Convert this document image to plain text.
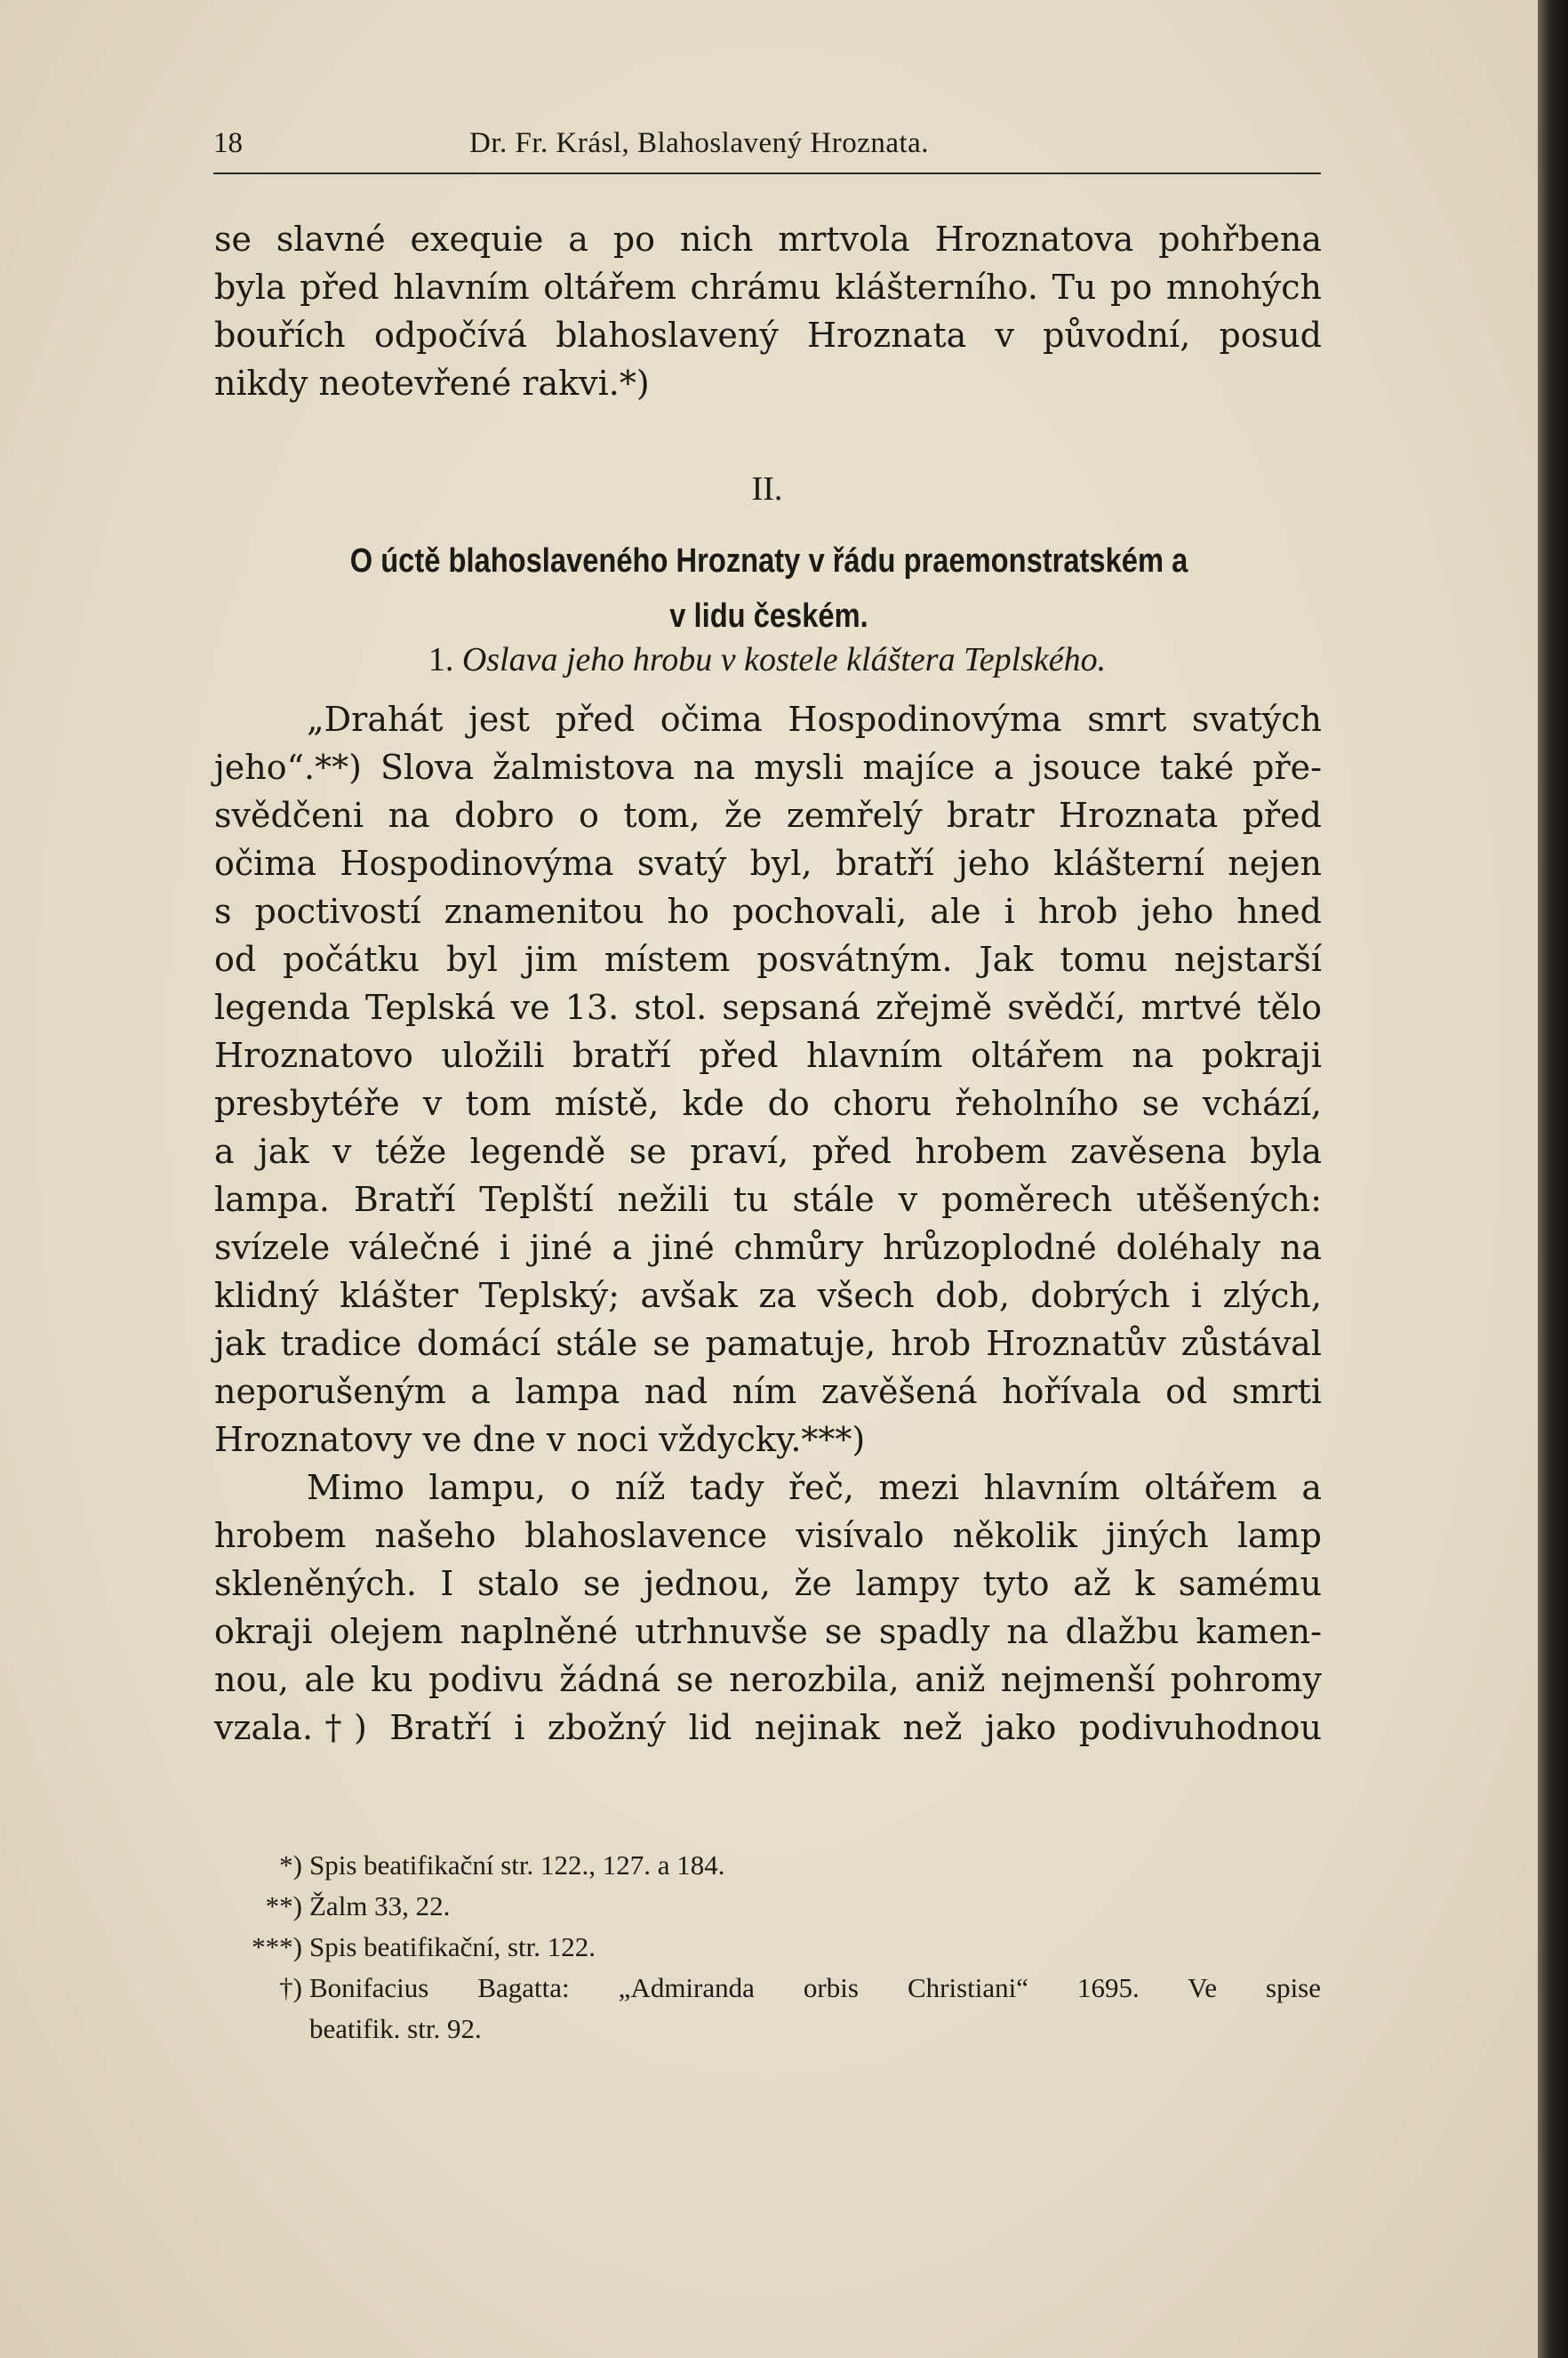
18	Dr. Fr. Krásl, Blahoslavený Hroznata.
se slavné exequie a po nich mrtvola Hroznatova pohřbena
byla před hlavním oltářem chrámu klášterního. Tu po mnohých
bouřích odpočívá blahoslavený Hroznata v původní, posud
nikdy neotevřené rakvi.*)
II.
O úctě blahoslaveného Hroznaty v řádu praemonstratském a
v lidu českém.
1. Oslava jeho hrobu v kostele kláštera Teplského.
„Drahát jest před očima Hospodinovýma smrt svatých
jeho“.**) Slova žalmistova na mysli majíce a jsouce také pře-
svědčeni na dobro o tom, že zemřelý bratr Hroznata před
očima Hospodinovýma svatý byl, bratří jeho klášterní nejen
s poctivostí znamenitou ho pochovali, ale i hrob jeho hned
od počátku byl jim místem posvátným. Jak tomu nejstarší
legenda Teplská ve 13. stol. sepsaná zřejmě svědčí, mrtvé tělo
Hroznatovo uložili bratří před hlavním oltářem na pokraji
presbytéře v tom místě, kde do choru řeholního se vchází,
a jak v téže legendě se praví, před hrobem zavěsena byla
lampa. Bratří Teplští nežili tu stále v poměrech utěšených:
svízele válečné i jiné a jiné chmůry hrůzoplodné doléhaly na
klidný klášter Teplský; avšak za všech dob, dobrých i zlých,
jak tradice domácí stále se pamatuje, hrob Hroznatův zůstával
neporušeným a lampa nad ním zavěšená hořívala od smrti
Hroznatovy ve dne v noci vždycky.***)
Mimo lampu, o níž tady řeč, mezi hlavním oltářem a
hrobem našeho blahoslavence visívalo několik jiných lamp
skleněných. I stalo se jednou, že lampy tyto až k samému
okraji olejem naplněné utrhnuvše se spadly na dlažbu kamen-
nou, ale ku podivu žádná se nerozbila, aniž nejmenší pohromy
vzala.†) Bratří i zbožný lid nejinak než jako podivuhodnou
*) Spis beatifikační str. 122., 127. a 184.
**) Žalm 33, 22.
***) Spis beatifikační, str. 122.
†) Bonifacius Bagatta: „Admiranda orbis Christiani“ 1695. Ve spise
beatifik. str. 92.
